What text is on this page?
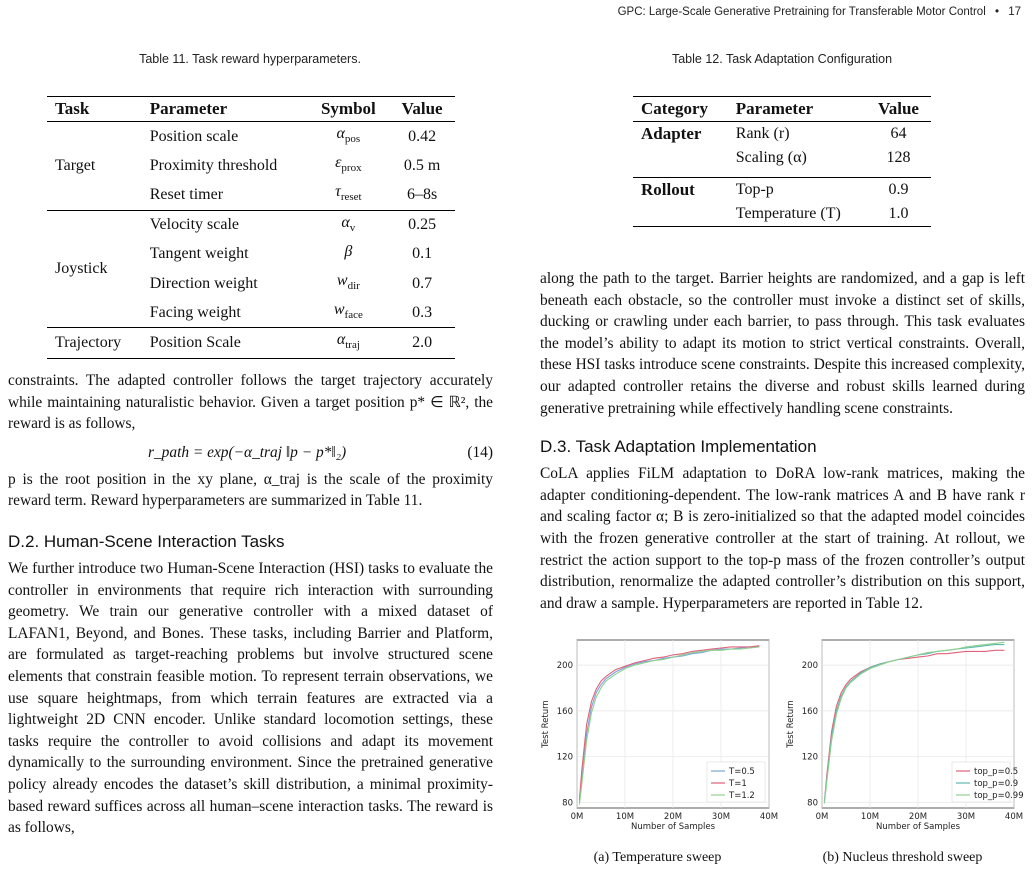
GPC: Large-Scale Generative Pretraining for Transferable Motor Control • 17
Table 11. Task reward hyperparameters.
Task	Parameter	Symbol	Value
Target	Position scale	$\alpha_{pos}$	0.42
	Proximity threshold	$\varepsilon_{prox}$	0.5 m
	Reset timer	$\tau_{reset}$	6–8s
Joystick	Velocity scale	$\alpha_v$	0.25
	Tangent weight	β	0.1
	Direction weight	$w_{dir}$	0.7
	Facing weight	$w_{face}$	0.3
Trajectory	Position Scale	$\alpha_{traj}$	2.0
Table 12. Task Adaptation Configuration
Category	Parameter	Value
Adapter	Rank (r)	64
	Scaling (α)	128
Rollout	Top-p	0.9
	Temperature (T)	1.0
constraints. The adapted controller follows the target trajectory accurately while maintaining naturalistic behavior. Given a target position p* ∈ ℝ², the reward is as follows,
r_path = exp(−α_traj ‖p − p*‖₂)	(14)
p is the root position in the xy plane, α_traj is the scale of the proximity reward term. Reward hyperparameters are summarized in Table 11.
D.2. Human-Scene Interaction Tasks
We further introduce two Human-Scene Interaction (HSI) tasks to evaluate the controller in environments that require rich interaction with surrounding geometry. We train our generative controller with a mixed dataset of LAFAN1, Beyond, and Bones. These tasks, including Barrier and Platform, are formulated as target-reaching problems but involve structured scene elements that constrain feasible motion. To represent terrain observations, we use square heightmaps, from which terrain features are extracted via a lightweight 2D CNN encoder. Unlike standard locomotion settings, these tasks require the controller to avoid collisions and adapt its movement dynamically to the surrounding environment. Since the pretrained generative policy already encodes the dataset’s skill distribution, a minimal proximity-based reward suffices across all human–scene interaction tasks. The reward is as follows,
along the path to the target. Barrier heights are randomized, and a gap is left beneath each obstacle, so the controller must invoke a distinct set of skills, ducking or crawling under each barrier, to pass through. This task evaluates the model’s ability to adapt its motion to strict vertical constraints. Overall, these HSI tasks introduce scene constraints. Despite this increased complexity, our adapted controller retains the diverse and robust skills learned during generative pretraining while effectively handling scene constraints.
D.3. Task Adaptation Implementation
CoLA applies FiLM adaptation to DoRA low-rank matrices, making the adapter conditioning-dependent. The low-rank matrices A and B have rank r and scaling factor α; B is zero-initialized so that the adapted model coincides with the frozen generative controller at the start of training. At rollout, we restrict the action support to the top-p mass of the frozen controller’s output distribution, renormalize the adapted controller’s distribution on this support, and draw a sample. Hyperparameters are reported in Table 12.
0M	10M	20M	30M	40M
80
120
160
200
Number of Samples
Test Return
T=0.5
T=1
T=1.2
0M	10M	20M	30M	40M
80
120
160
200
Number of Samples
Test Return
top_p=0.5
top_p=0.9
top_p=0.99
(a) Temperature sweep	(b) Nucleus threshold sweep
